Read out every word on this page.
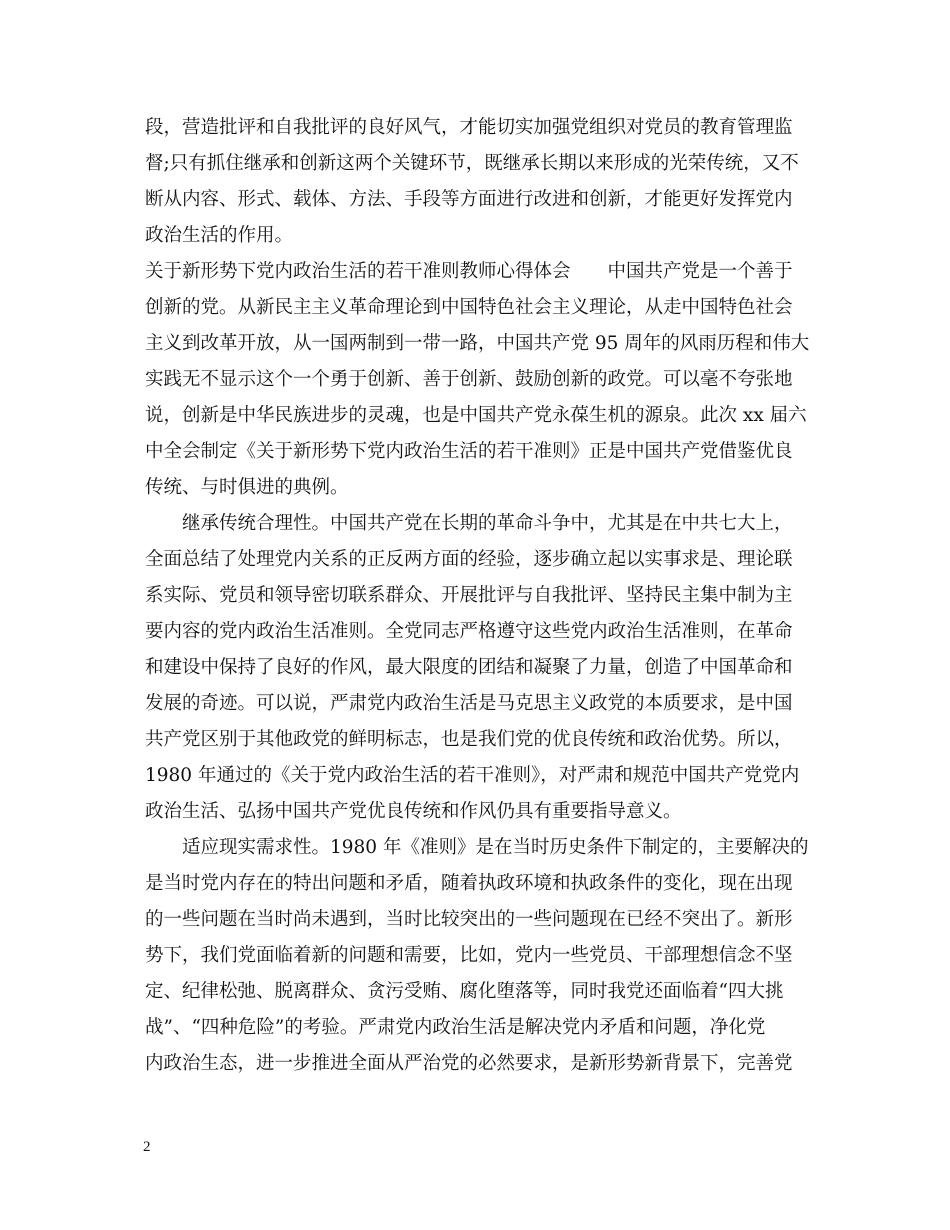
段，营造批评和自我批评的良好风气，才能切实加强党组织对党员的教育管理监
督;只有抓住继承和创新这两个关键环节，既继承长期以来形成的光荣传统，又不
断从内容、形式、载体、方法、手段等方面进行改进和创新，才能更好发挥党内
政治生活的作用。
关于新形势下党内政治生活的若干准则教师心得体会　　中国共产党是一个善于
创新的党。从新民主主义革命理论到中国特色社会主义理论，从走中国特色社会
主义到改革开放，从一国两制到一带一路，中国共产党 95 周年的风雨历程和伟大
实践无不显示这个一个勇于创新、善于创新、鼓励创新的政党。可以毫不夸张地
说，创新是中华民族进步的灵魂，也是中国共产党永葆生机的源泉。此次 xx 届六
中全会制定《关于新形势下党内政治生活的若干准则》正是中国共产党借鉴优良
传统、与时俱进的典例。
　　继承传统合理性。中国共产党在长期的革命斗争中，尤其是在中共七大上，
全面总结了处理党内关系的正反两方面的经验，逐步确立起以实事求是、理论联
系实际、党员和领导密切联系群众、开展批评与自我批评、坚持民主集中制为主
要内容的党内政治生活准则。全党同志严格遵守这些党内政治生活准则，在革命
和建设中保持了良好的作风，最大限度的团结和凝聚了力量，创造了中国革命和
发展的奇迹。可以说，严肃党内政治生活是马克思主义政党的本质要求，是中国
共产党区别于其他政党的鲜明标志，也是我们党的优良传统和政治优势。所以，
1980 年通过的《关于党内政治生活的若干准则》，对严肃和规范中国共产党党内
政治生活、弘扬中国共产党优良传统和作风仍具有重要指导意义。
　　适应现实需求性。1980 年《准则》是在当时历史条件下制定的，主要解决的
是当时党内存在的特出问题和矛盾，随着执政环境和执政条件的变化，现在出现
的一些问题在当时尚未遇到，当时比较突出的一些问题现在已经不突出了。新形
势下，我们党面临着新的问题和需要，比如，党内一些党员、干部理想信念不坚
定、纪律松弛、脱离群众、贪污受贿、腐化堕落等，同时我党还面临着“四大挑
战”、“四种危险”的考验。严肃党内政治生活是解决党内矛盾和问题，净化党
内政治生态，进一步推进全面从严治党的必然要求，是新形势新背景下，完善党
2
